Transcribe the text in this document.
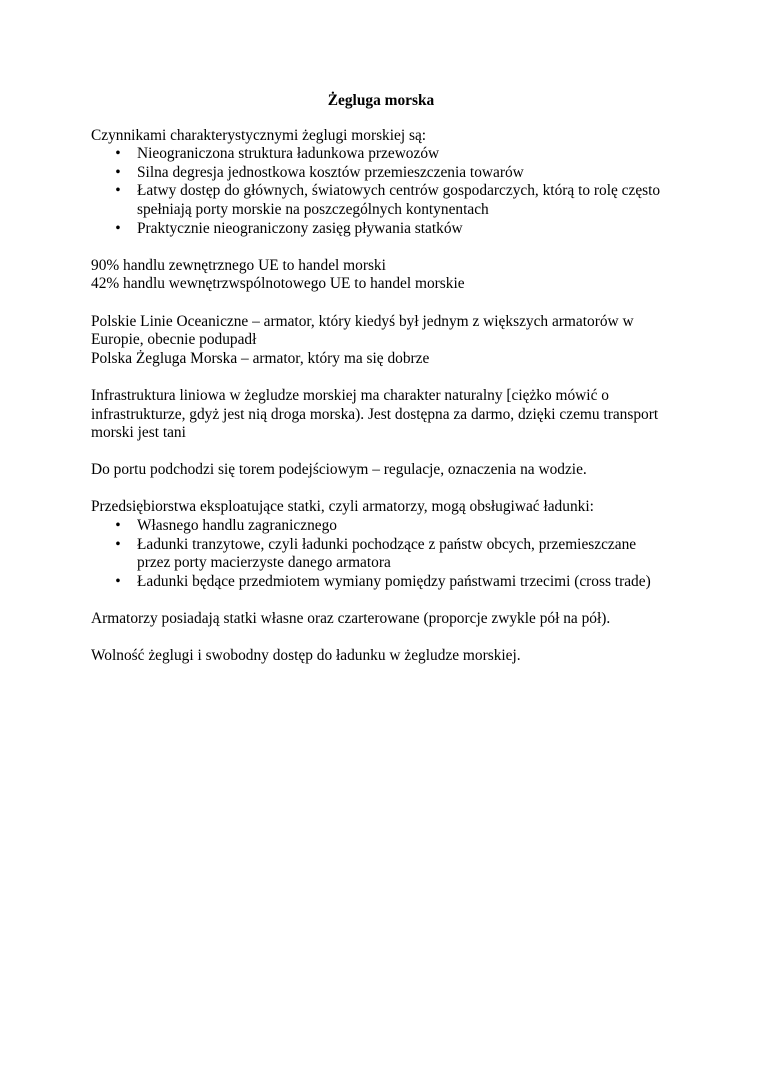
Żegluga morska

Czynnikami charakterystycznymi żeglugi morskiej są:

• Nieograniczona struktura ładunkowa przewozów
• Silna degresja jednostkowa kosztów przemieszczenia towarów
• Łatwy dostęp do głównych, światowych centrów gospodarczych, którą to rolę często spełniają porty morskie na poszczególnych kontynentach
• Praktycznie nieograniczony zasięg pływania statków

90% handlu zewnętrznego UE to handel morski

42% handlu wewnętrzwspólnotowego UE to handel morskie

Polskie Linie Oceaniczne – armator, który kiedyś był jednym z większych armatorów w Europie, obecnie podupadł

Polska Żegluga Morska – armator, który ma się dobrze

Infrastruktura liniowa w żegludze morskiej ma charakter naturalny [ciężko mówić o infrastrukturze, gdyż jest nią droga morska). Jest dostępna za darmo, dzięki czemu transport morski jest tani

Do portu podchodzi się torem podejściowym – regulacje, oznaczenia na wodzie.

Przedsiębiorstwa eksploatujące statki, czyli armatorzy, mogą obsługiwać ładunki:

• Własnego handlu zagranicznego
• Ładunki tranzytowe, czyli ładunki pochodzące z państw obcych, przemieszczane przez porty macierzyste danego armatora
• Ładunki będące przedmiotem wymiany pomiędzy państwami trzecimi (cross trade)

Armatorzy posiadają statki własne oraz czarterowane (proporcje zwykle pół na pół).

Wolność żeglugi i swobodny dostęp do ładunku w żegludze morskiej.
